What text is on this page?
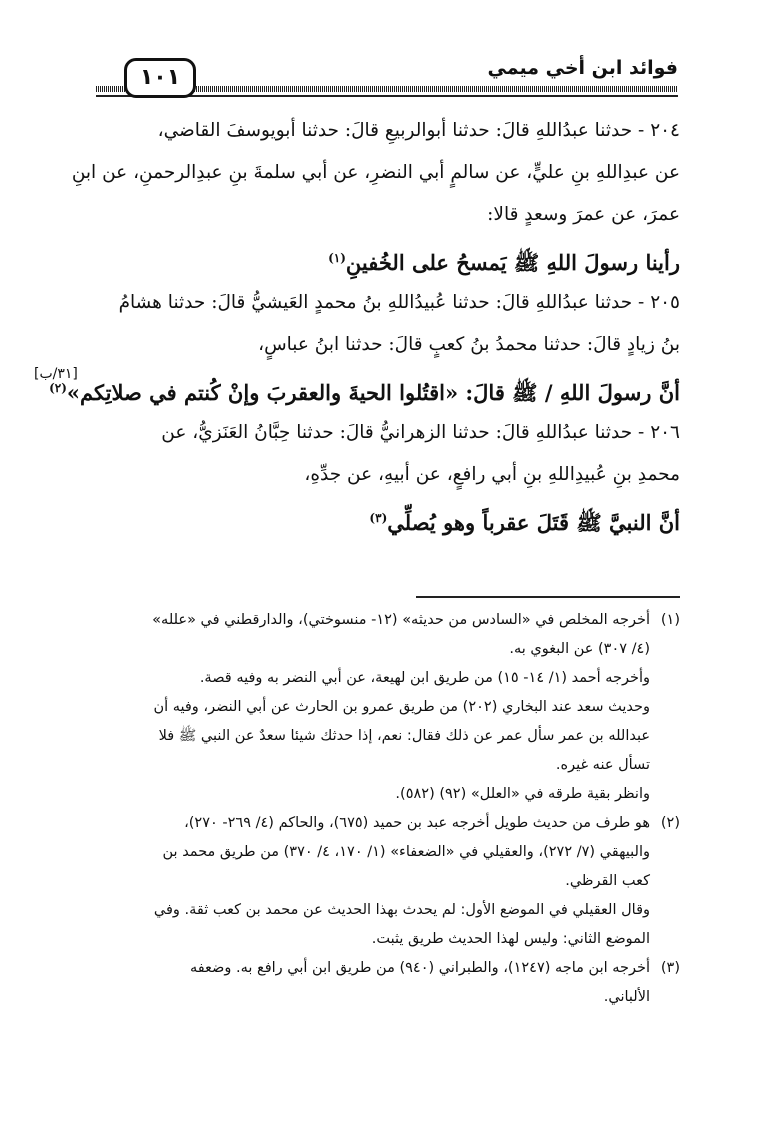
١٠١	فوائد ابن أخي ميمي
٢٠٤ - حدثنا عبدُاللهِ قالَ: حدثنا أبوالربيعِ قالَ: حدثنا أبويوسفَ القاضي،
عن عبدِاللهِ بنِ عليٍّ، عن سالمٍ أبي النضرِ، عن أبي سلمةَ بنِ عبدِالرحمنِ، عن ابنِ
عمرَ، عن عمرَ وسعدٍ قالا:
رأينا رسولَ اللهِ ﷺ يَمسحُ على الخُفينِ$^{(١)}$
٢٠٥ - حدثنا عبدُاللهِ قالَ: حدثنا عُبيدُاللهِ بنُ محمدٍ العَيشيُّ قالَ: حدثنا هشامُ
بنُ زيادٍ قالَ: حدثنا محمدُ بنُ كعبٍ قالَ: حدثنا ابنُ عباسٍ،
أنَّ رسولَ اللهِ / ﷺ قالَ: «اقتُلوا الحيةَ والعقربَ وإنْ كُنتم في صلاتِكم»$^{(٢)}$
٢٠٦ - حدثنا عبدُاللهِ قالَ: حدثنا الزهرانيُّ قالَ: حدثنا حِبَّانُ العَنَزيُّ، عن
محمدِ بنِ عُبيدِاللهِ بنِ أبي رافعٍ، عن أبيهِ، عن جدِّهِ،
أنَّ النبيَّ ﷺ قَتَلَ عقرباً وهو يُصلِّي$^{(٣)}$
[٣١/ب]
(١)أخرجه المخلص في «السادس من حديثه» (١٢- منسوختي)، والدارقطني في «علله»
(٤/ ٣٠٧) عن البغوي به.
وأخرجه أحمد (١/ ١٤- ١٥) من طريق ابن لهيعة، عن أبي النضر به وفيه قصة.
وحديث سعد عند البخاري (٢٠٢) من طريق عمرو بن الحارث عن أبي النضر، وفيه أن
عبدالله بن عمر سأل عمر عن ذلك فقال: نعم، إذا حدثك شيئا سعدٌ عن النبي ﷺ فلا
تسأل عنه غيره.
وانظر بقية طرقه في «العلل» (٩٢) (٥٨٢).
(٢)هو طرف من حديث طويل أخرجه عبد بن حميد (٦٧٥)، والحاكم (٤/ ٢٦٩- ٢٧٠)،
والبيهقي (٧/ ٢٧٢)، والعقيلي في «الضعفاء» (١/ ١٧٠، ٤/ ٣٧٠) من طريق محمد بن
كعب القرظي.
وقال العقيلي في الموضع الأول: لم يحدث بهذا الحديث عن محمد بن كعب ثقة. وفي
الموضع الثاني: وليس لهذا الحديث طريق يثبت.
(٣)أخرجه ابن ماجه (١٢٤٧)، والطبراني (٩٤٠) من طريق ابن أبي رافع به. وضعفه
الألباني.
